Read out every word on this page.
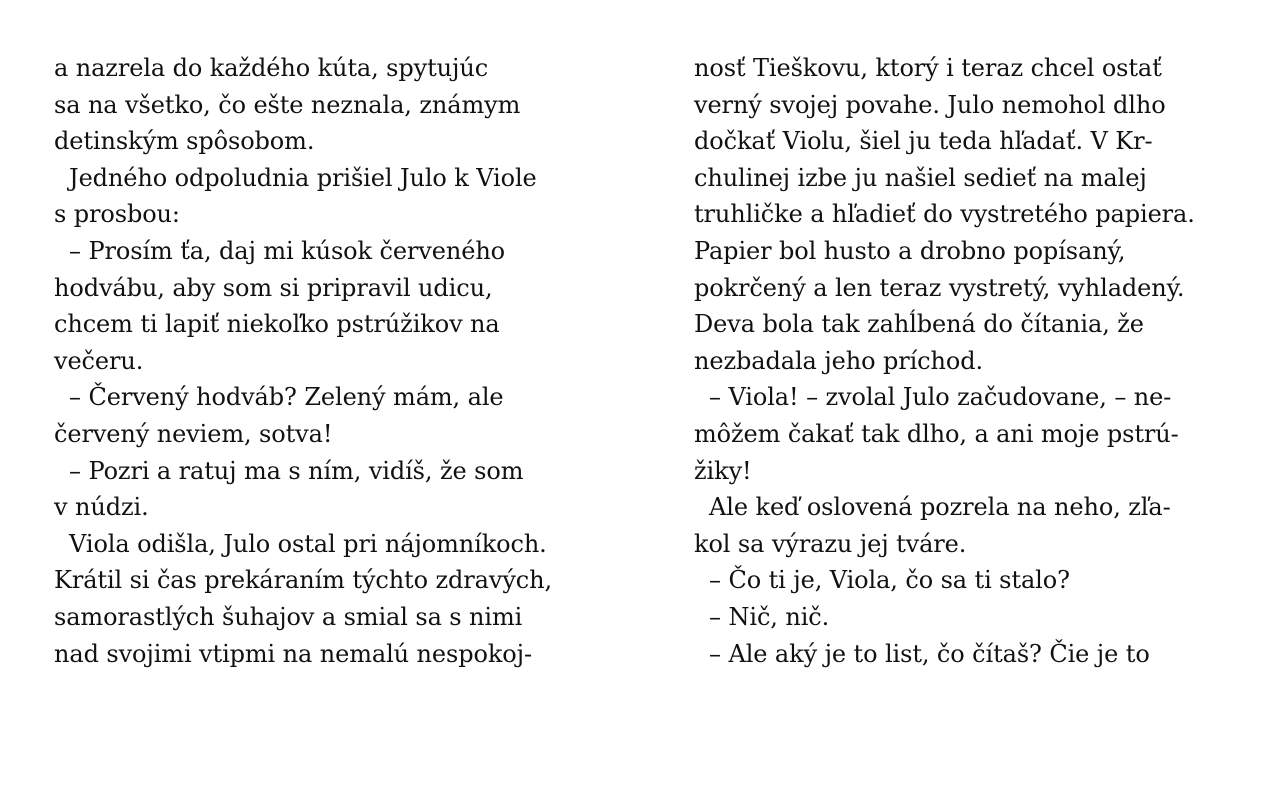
a nazrela do každého kúta, spytujúc
sa na všetko, čo ešte neznala, známym
detinským spôsobom.
Jedného odpoludnia prišiel Julo k Viole
s prosbou:
– Prosím ťa, daj mi kúsok červeného
hodvábu, aby som si pripravil udicu,
chcem ti lapiť niekoľko pstrúžikov na
večeru.
– Červený hodváb? Zelený mám, ale
červený neviem, sotva!
– Pozri a ratuj ma s ním, vidíš, že som
v núdzi.
Viola odišla, Julo ostal pri nájomníkoch.
Krátil si čas prekáraním týchto zdravých,
samorastlých šuhajov a smial sa s nimi
nad svojimi vtipmi na nemalú nespokoj-
nosť Tieškovu, ktorý i teraz chcel ostať
verný svojej povahe. Julo nemohol dlho
dočkať Violu, šiel ju teda hľadať. V Kr-
chulinej izbe ju našiel sedieť na malej
truhličke a hľadieť do vystretého papiera.
Papier bol husto a drobno popísaný,
pokrčený a len teraz vystretý, vyhladený.
Deva bola tak zahĺbená do čítania, že
nezbadala jeho príchod.
– Viola! – zvolal Julo začudovane, – ne-
môžem čakať tak dlho, a ani moje pstrú-
žiky!
Ale keď oslovená pozrela na neho, zľa-
kol sa výrazu jej tváre.
– Čo ti je, Viola, čo sa ti stalo?
– Nič, nič.
– Ale aký je to list, čo čítaš? Čie je to
